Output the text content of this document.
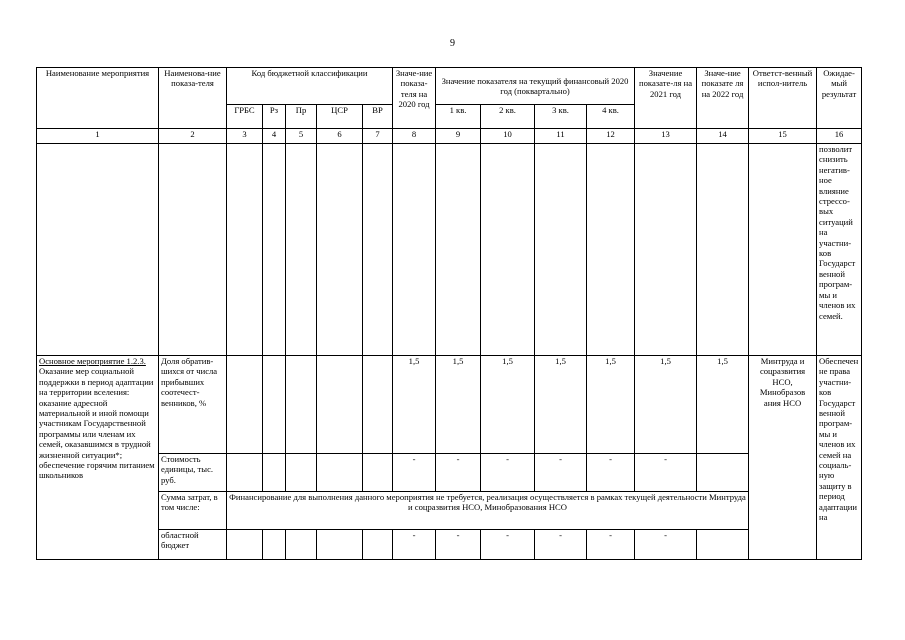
9
Наименование мероприятия	Наименова-ние показа-теля	Код бюджетной классификации					Значе-ние показа-теля на 2020 год	Значение показателя на текущий финансовый 2020 год (поквартально)				Значение показате-ля на 2021 год	Значе-ние показате ля на 2022 год	Ответст-венный испол-нитель	Ожидае-мый результат
		ГРБС	Рз	Пр	ЦСР	ВР		1 кв.	2 кв.	3 кв.	4 кв.				
1	2	3	4	5	6	7	8	9	10	11	12	13	14	15	16
															позволит снизить негатив-ное влияние стрессо-вых ситуаций на участни-ков Государст венной програм-мы и членов их семей.

Основное мероприятие 1.2.3.
Оказание мер социальной поддержки в период адаптации на территории вселения: оказание адресной материальной и иной помощи участникам Государственной программы или членам их семей, оказавшимся в трудной жизненной ситуации*; обеспечение горячим питанием школьников	Доля обратив-шихся от числа прибывших соотечест-венников, %						1,5	1,5	1,5	1,5	1,5	1,5	1,5	Минтруда и соцразвития НСО, Минобразов ания НСО	Обеспечен не права участни-ков Государст венной програм-мы и членов их семей на социаль-ную защиту в период адаптации на
	Стоимость единицы, тыс. руб.						-	-	-	-	-	-			
	Сумма затрат, в том числе:	Финансирование для выполнения данного мероприятия не требуется, реализация осуществляется в рамках текущей деятельности Минтруда и соцразвития НСО, Минобразования НСО													
	областной бюджет						-	-	-	-	-	-			
